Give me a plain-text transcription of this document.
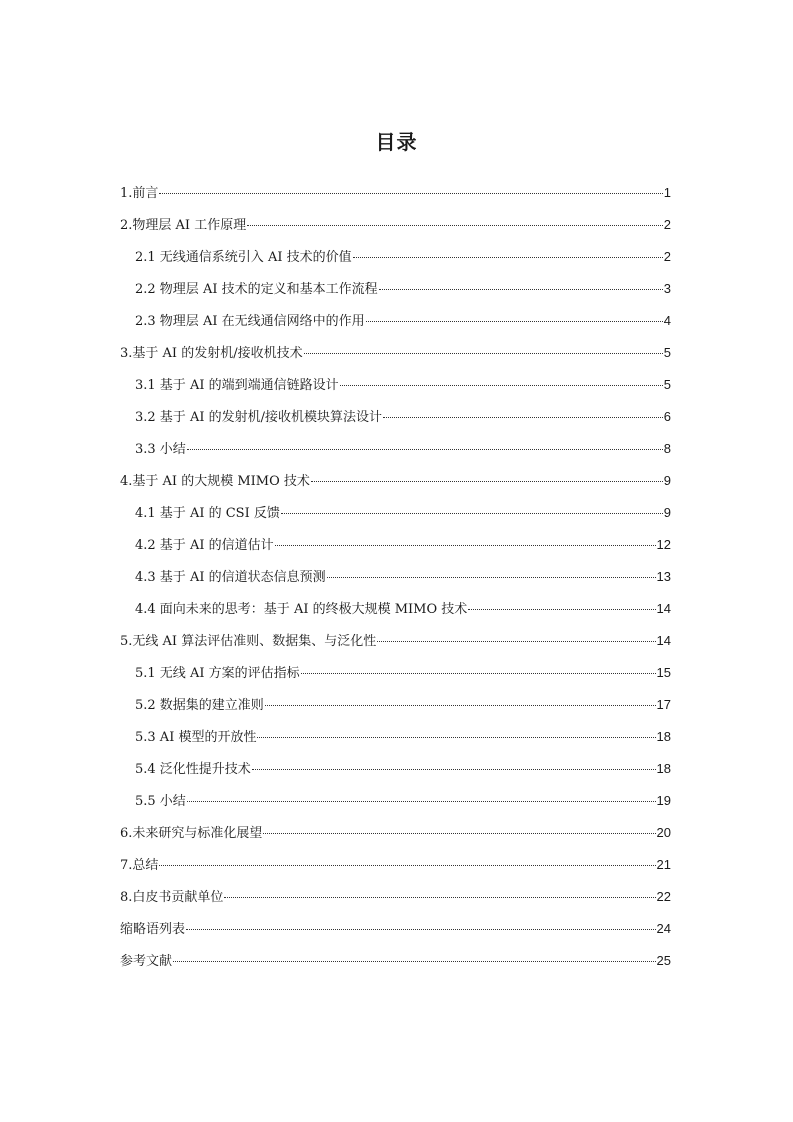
目录
1.前言	1
2.物理层 AI 工作原理	2
2.1 无线通信系统引入 AI 技术的价值	2
2.2 物理层 AI 技术的定义和基本工作流程	3
2.3 物理层 AI 在无线通信网络中的作用	4
3.基于 AI 的发射机/接收机技术	5
3.1 基于 AI 的端到端通信链路设计	5
3.2 基于 AI 的发射机/接收机模块算法设计	6
3.3 小结	8
4.基于 AI 的大规模 MIMO 技术	9
4.1 基于 AI 的 CSI 反馈	9
4.2 基于 AI 的信道估计	12
4.3 基于 AI 的信道状态信息预测	13
4.4 面向未来的思考：基于 AI 的终极大规模 MIMO 技术	14
5.无线 AI 算法评估准则、数据集、与泛化性	14
5.1 无线 AI 方案的评估指标	15
5.2 数据集的建立准则	17
5.3 AI 模型的开放性	18
5.4 泛化性提升技术	18
5.5 小结	19
6.未来研究与标准化展望	20
7.总结	21
8.白皮书贡献单位	22
缩略语列表	24
参考文献	25
